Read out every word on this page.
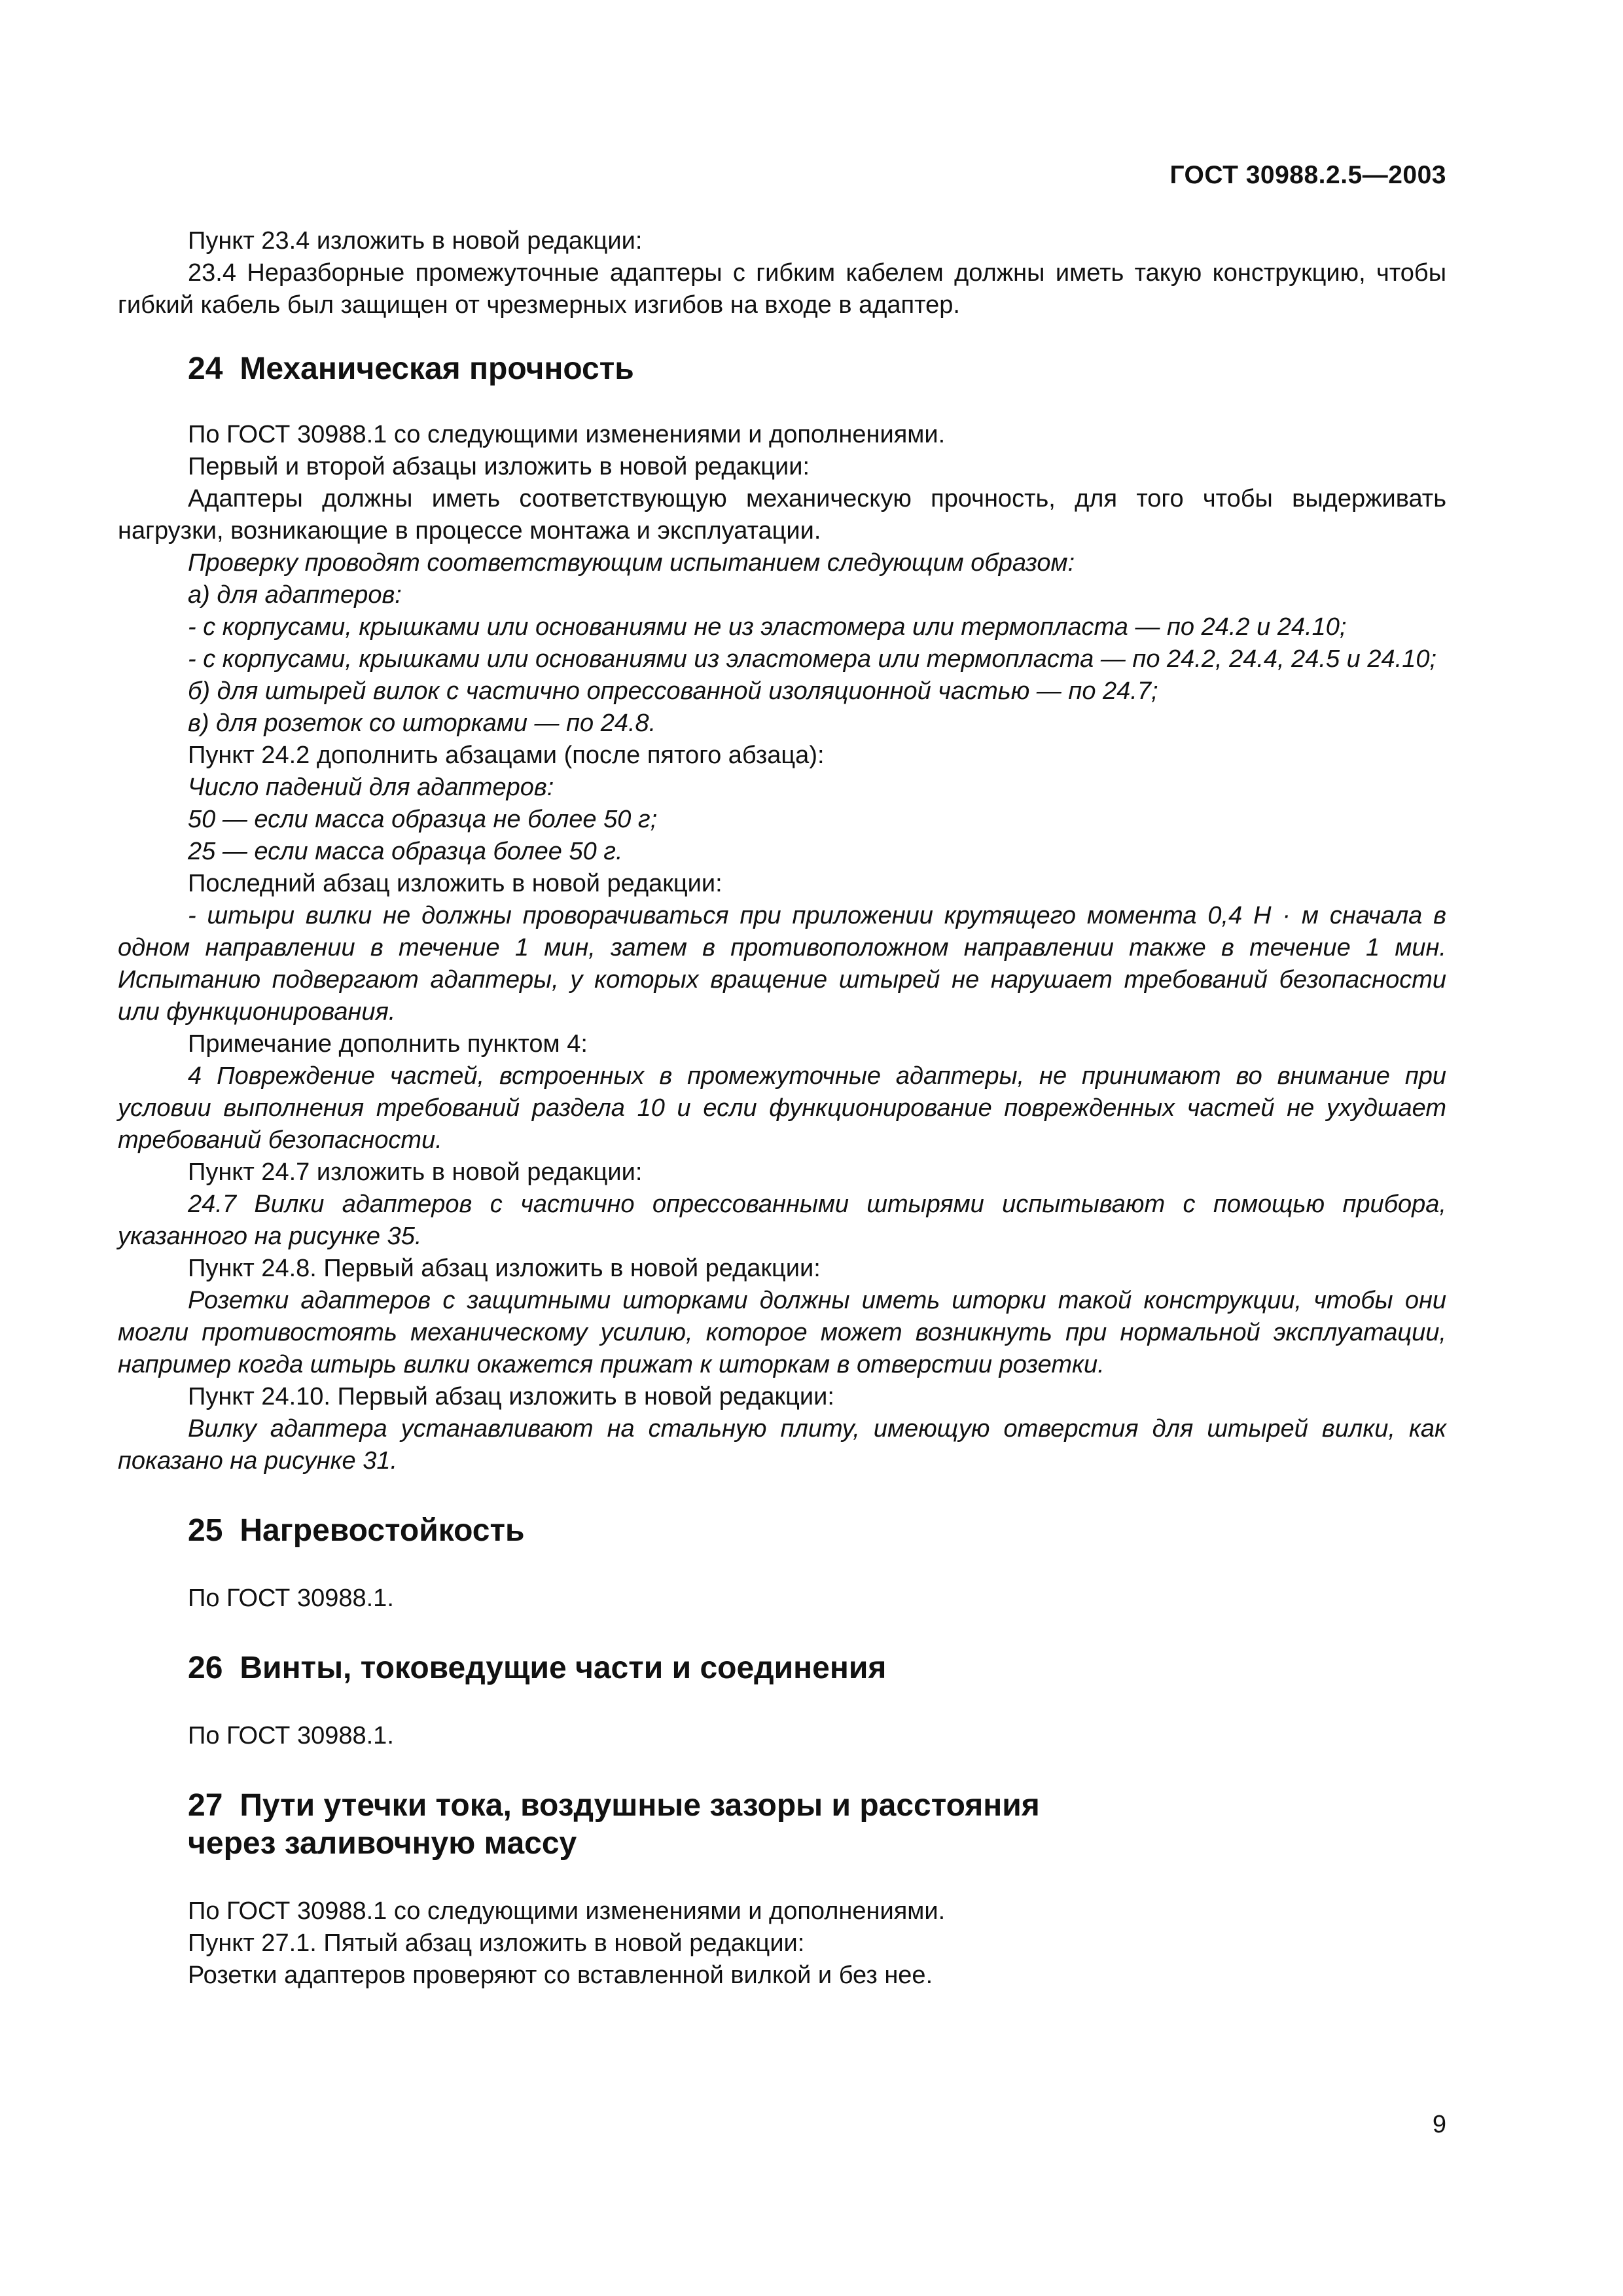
ГОСТ 30988.2.5—2003

Пункт 23.4 изложить в новой редакции:

23.4 Неразборные промежуточные адаптеры с гибким кабелем должны иметь такую конструкцию, чтобы гибкий кабель был защищен от чрезмерных изгибов на входе в адаптер.

24 Механическая прочность

По ГОСТ 30988.1 со следующими изменениями и дополнениями.

Первый и второй абзацы изложить в новой редакции:

Адаптеры должны иметь соответствующую механическую прочность, для того чтобы выдерживать нагрузки, возникающие в процессе монтажа и эксплуатации.

Проверку проводят соответствующим испытанием следующим образом:

а) для адаптеров:

- с корпусами, крышками или основаниями не из эластомера или термопласта — по 24.2 и 24.10;

- с корпусами, крышками или основаниями из эластомера или термопласта — по 24.2, 24.4, 24.5 и 24.10;

б) для штырей вилок с частично опрессованной изоляционной частью — по 24.7;

в) для розеток со шторками — по 24.8.

Пункт 24.2 дополнить абзацами (после пятого абзаца):

Число падений для адаптеров:

50 — если масса образца не более 50 г;

25 — если масса образца более 50 г.

Последний абзац изложить в новой редакции:

- штыри вилки не должны проворачиваться при приложении крутящего момента 0,4 Н · м сначала в одном направлении в течение 1 мин, затем в противоположном направлении также в течение 1 мин. Испытанию подвергают адаптеры, у которых вращение штырей не нарушает требований безопасности или функционирования.

Примечание дополнить пунктом 4:

4 Повреждение частей, встроенных в промежуточные адаптеры, не принимают во внимание при условии выполнения требований раздела 10 и если функционирование поврежденных частей не ухудшает требований безопасности.

Пункт 24.7 изложить в новой редакции:

24.7 Вилки адаптеров с частично опрессованными штырями испытывают с помощью прибора, указанного на рисунке 35.

Пункт 24.8. Первый абзац изложить в новой редакции:

Розетки адаптеров с защитными шторками должны иметь шторки такой конструкции, чтобы они могли противостоять механическому усилию, которое может возникнуть при нормальной эксплуатации, например когда штырь вилки окажется прижат к шторкам в отверстии розетки.

Пункт 24.10. Первый абзац изложить в новой редакции:

Вилку адаптера устанавливают на стальную плиту, имеющую отверстия для штырей вилки, как показано на рисунке 31.

25 Нагревостойкость

По ГОСТ 30988.1.

26 Винты, токоведущие части и соединения

По ГОСТ 30988.1.

27 Пути утечки тока, воздушные зазоры и расстояния
через заливочную массу

По ГОСТ 30988.1 со следующими изменениями и дополнениями.

Пункт 27.1. Пятый абзац изложить в новой редакции:

Розетки адаптеров проверяют со вставленной вилкой и без нее.

9
